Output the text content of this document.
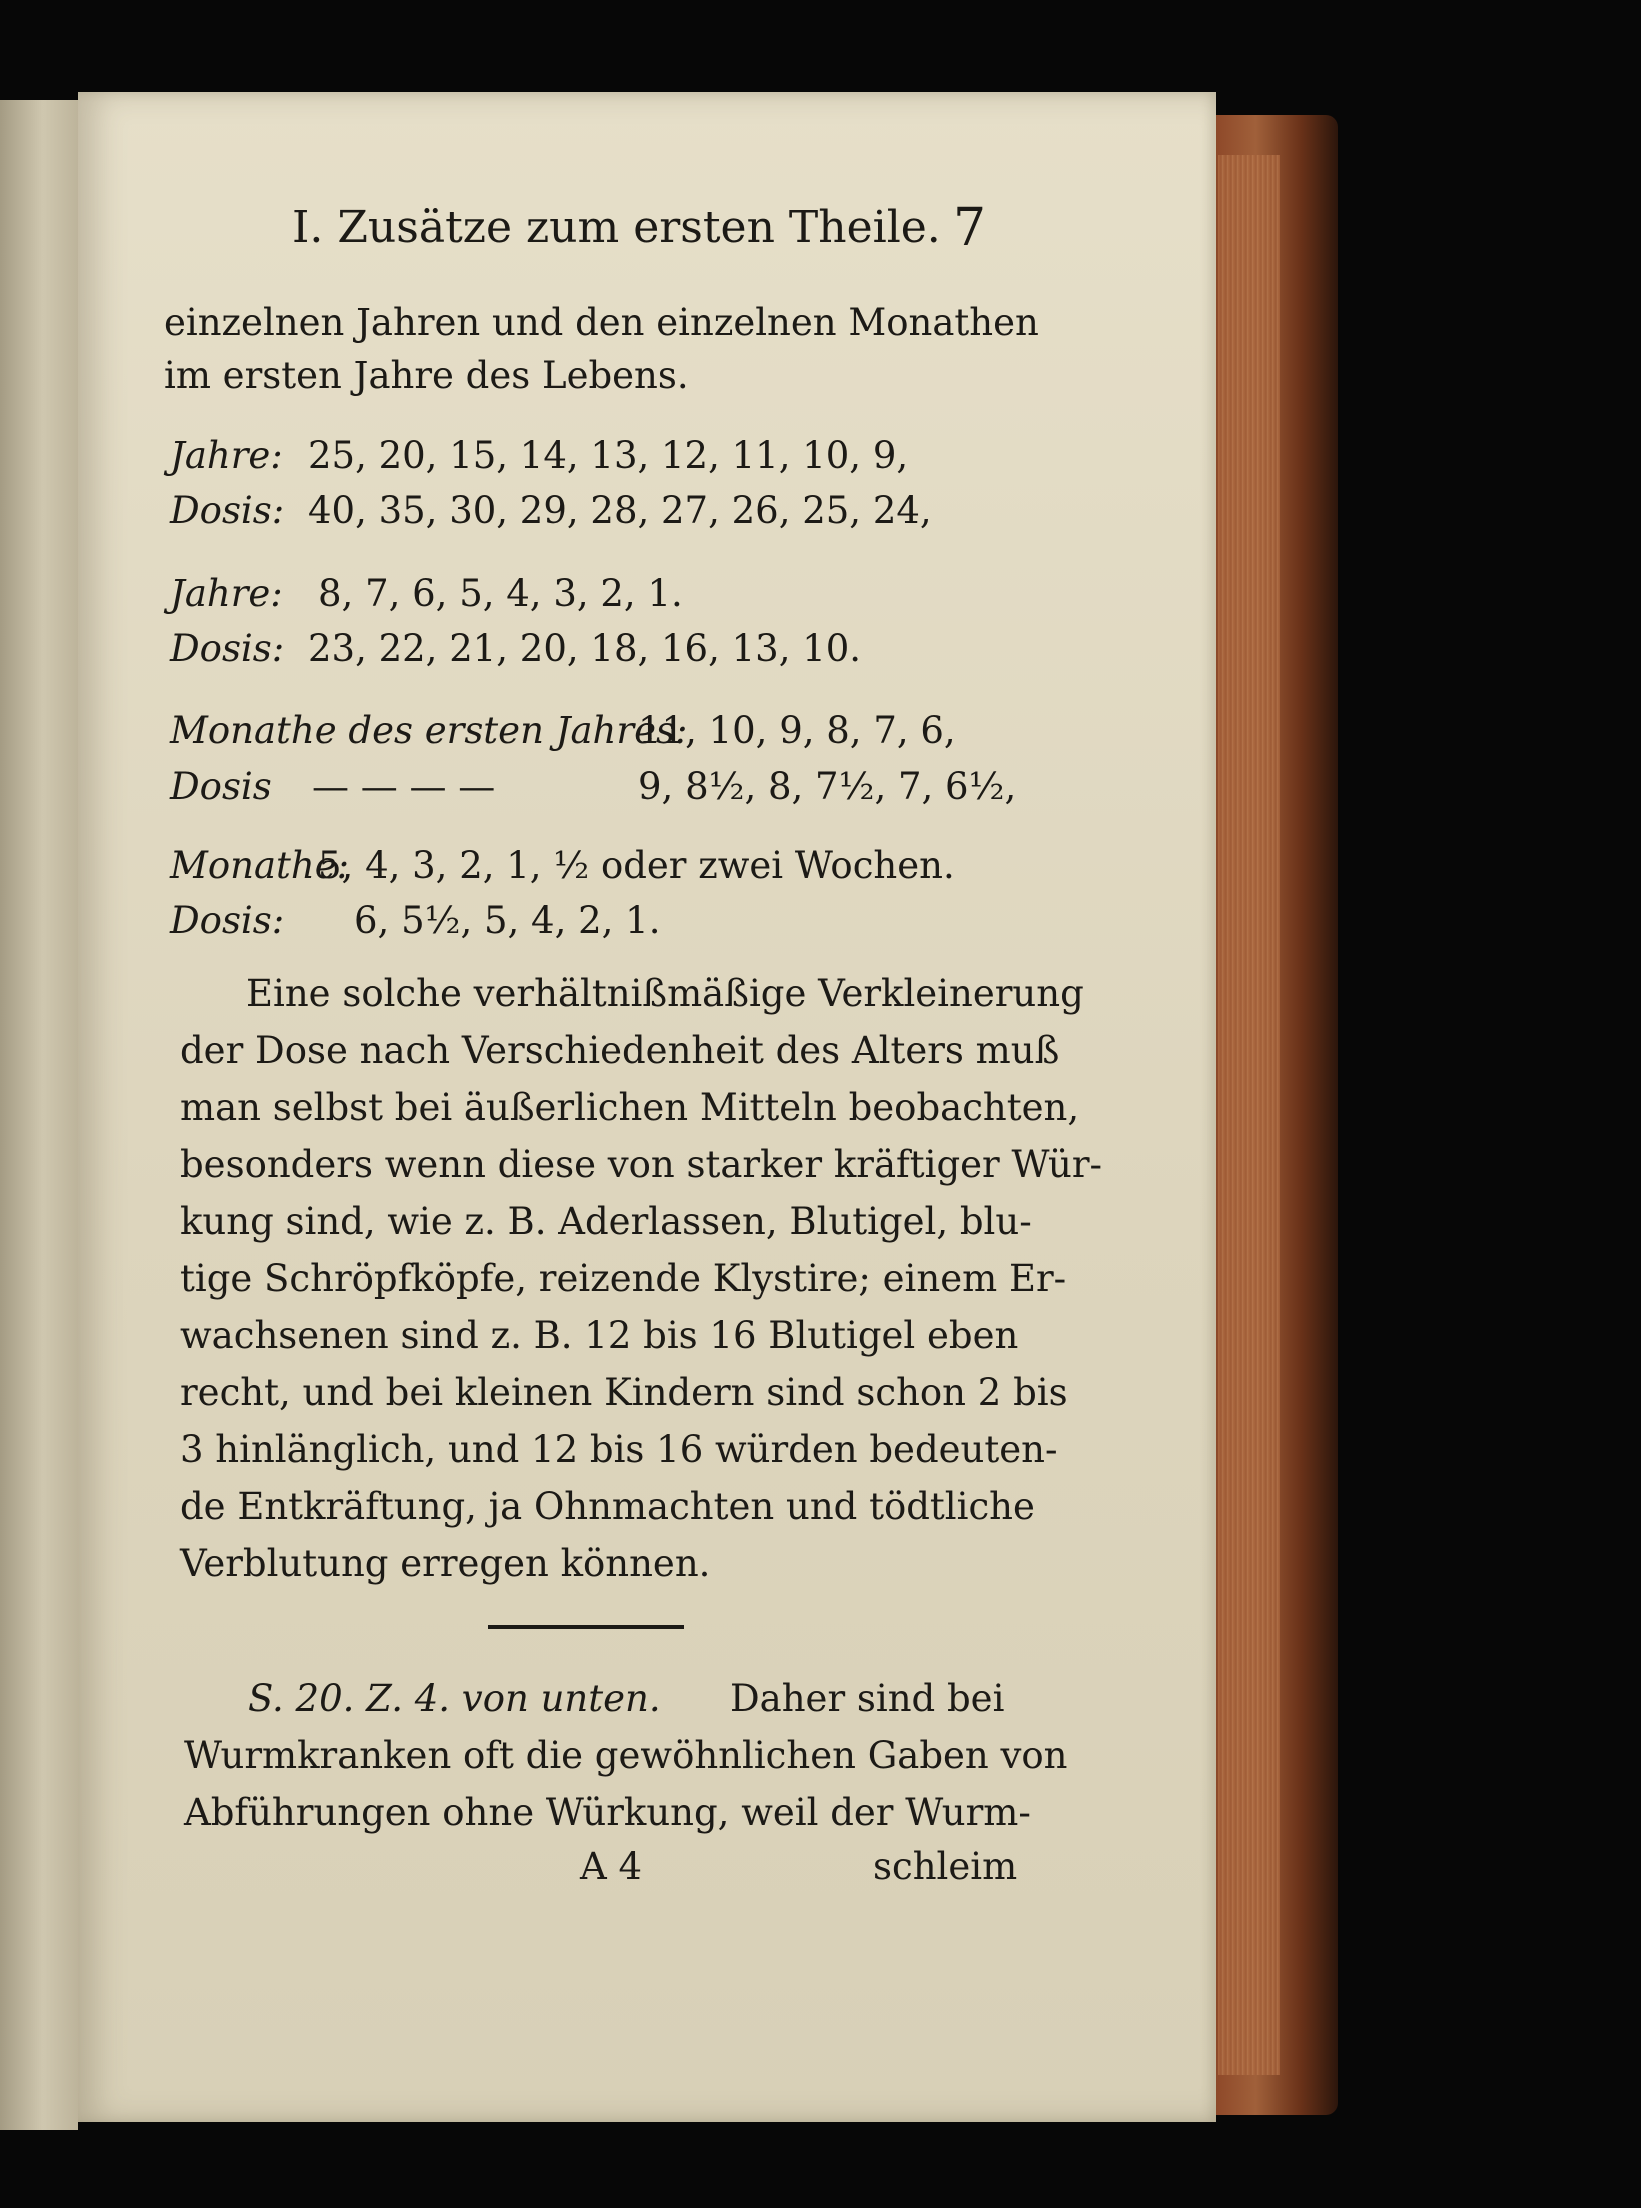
I. Zusätze zum ersten Theile. 7
einzelnen Jahren und den einzelnen Monathen
im ersten Jahre des Lebens.
Jahre: 25, 20, 15, 14, 13, 12, 11, 10, 9,
Dosis: 40, 35, 30, 29, 28, 27, 26, 25, 24,
Jahre: 8, 7, 6, 5, 4, 3, 2, 1.
Dosis: 23, 22, 21, 20, 18, 16, 13, 10.
Monathe des ersten Jahres:
11, 10, 9, 8, 7, 6,
Dosis — — — —	9, 8½, 8, 7½, 7, 6½,
Monathe:
5, 4, 3, 2, 1, ½ oder zwei Wochen.
Dosis: 6, 5½, 5, 4, 2, 1.
Eine solche verhältnißmäßige Verkleinerung
der Dose nach Verschiedenheit des Alters muß
man selbst bei äußerlichen Mitteln beobachten,
besonders wenn diese von starker kräftiger Wür-
kung sind, wie z. B. Aderlassen, Blutigel, blu-
tige Schröpfköpfe, reizende Klystire; einem Er-
wachsenen sind z. B. 12 bis 16 Blutigel eben
recht, und bei kleinen Kindern sind schon 2 bis
3 hinlänglich, und 12 bis 16 würden bedeuten-
de Entkräftung, ja Ohnmachten und tödtliche
Verblutung erregen können.
S. 20. Z. 4. von unten. Daher sind bei
Wurmkranken oft die gewöhnlichen Gaben von
Abführungen ohne Würkung, weil der Wurm-
A 4	schleim
